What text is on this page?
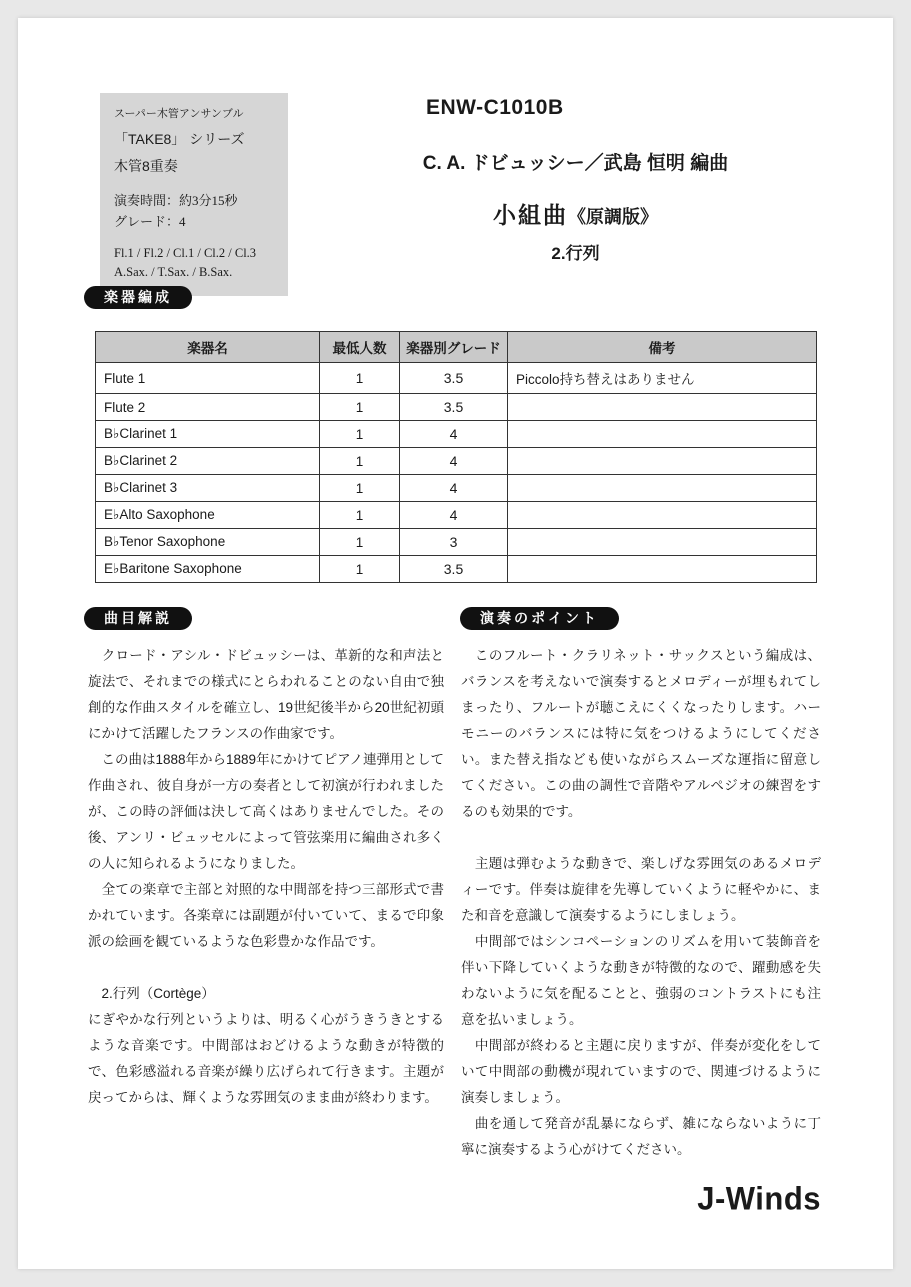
スーパー木管アンサンブル
「TAKE8」 シリーズ
木管8重奏
演奏時間：約3分15秒
グレード：4
Fl.1 / Fl.2 / Cl.1 / Cl.2 / Cl.3
A.Sax. / T.Sax. / B.Sax.
ENW-C1010B
C. A. ドビュッシー／武島 恒明 編曲
小組曲《原調版》
2.行列
楽器編成
楽器名	最低人数	楽器別グレード	備考
Flute 1	1	3.5	Piccolo持ち替えはありません
Flute 2	1	3.5	
B♭Clarinet 1	1	4	
B♭Clarinet 2	1	4	
B♭Clarinet 3	1	4	
E♭Alto Saxophone	1	4	
B♭Tenor Saxophone	1	3	
E♭Baritone Saxophone	1	3.5	
曲目解説	演奏のポイント

　クロード・アシル・ドビュッシーは、革新的な和声法と旋法で、それまでの様式にとらわれることのない自由で独創的な作曲スタイルを確立し、19世紀後半から20世紀初頭にかけて活躍したフランスの作曲家です。

　この曲は1888年から1889年にかけてピアノ連弾用として作曲され、彼自身が一方の奏者として初演が行われましたが、この時の評価は決して高くはありませんでした。その後、アンリ・ビュッセルによって管弦楽用に編曲され多くの人に知られるようになりました。

　全ての楽章で主部と対照的な中間部を持つ三部形式で書かれています。各楽章には副題が付いていて、まるで印象派の絵画を観ているような色彩豊かな作品です。

　2.行列（Cortège）

にぎやかな行列というよりは、明るく心がうきうきとするような音楽です。中間部はおどけるような動きが特徴的で、色彩感溢れる音楽が繰り広げられて行きます。主題が戻ってからは、輝くような雰囲気のまま曲が終わります。

　このフルート・クラリネット・サックスという編成は、バランスを考えないで演奏するとメロディーが埋もれてしまったり、フルートが聴こえにくくなったりします。ハーモニーのバランスには特に気をつけるようにしてください。また替え指なども使いながらスムーズな運指に留意してください。この曲の調性で音階やアルペジオの練習をするのも効果的です。

　主題は弾むような動きで、楽しげな雰囲気のあるメロディーです。伴奏は旋律を先導していくように軽やかに、また和音を意識して演奏するようにしましょう。

　中間部ではシンコペーションのリズムを用いて装飾音を伴い下降していくような動きが特徴的なので、躍動感を失わないように気を配ることと、強弱のコントラストにも注意を払いましょう。

　中間部が終わると主題に戻りますが、伴奏が変化をしていて中間部の動機が現れていますので、関連づけるように演奏しましょう。

　曲を通して発音が乱暴にならず、雑にならないように丁寧に演奏するよう心がけてください。

J-Winds
